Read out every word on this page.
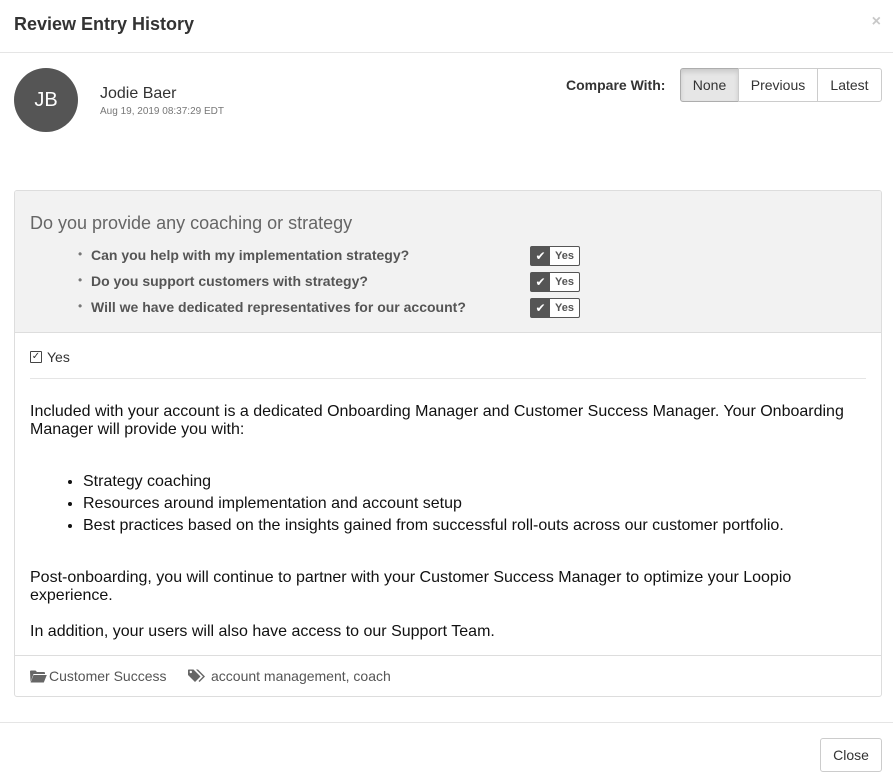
Review Entry History	×
JB	Jodie Baer
Aug 19, 2019 08:37:29 EDT
Compare With:	None	Previous	Latest
Do you provide any coaching or strategy
• Can you help with my implementation strategy?	✔ Yes
• Do you support customers with strategy?	✔ Yes
• Will we have dedicated representatives for our account?	✔ Yes
✓ Yes

Included with your account is a dedicated Onboarding Manager and Customer Success Manager. Your Onboarding Manager will provide you with:

• Strategy coaching
• Resources around implementation and account setup
• Best practices based on the insights gained from successful roll-outs across our customer portfolio.

Post-onboarding, you will continue to partner with your Customer Success Manager to optimize your Loopio experience.

In addition, your users will also have access to our Support Team.

Customer Success	account management, coach
Close
